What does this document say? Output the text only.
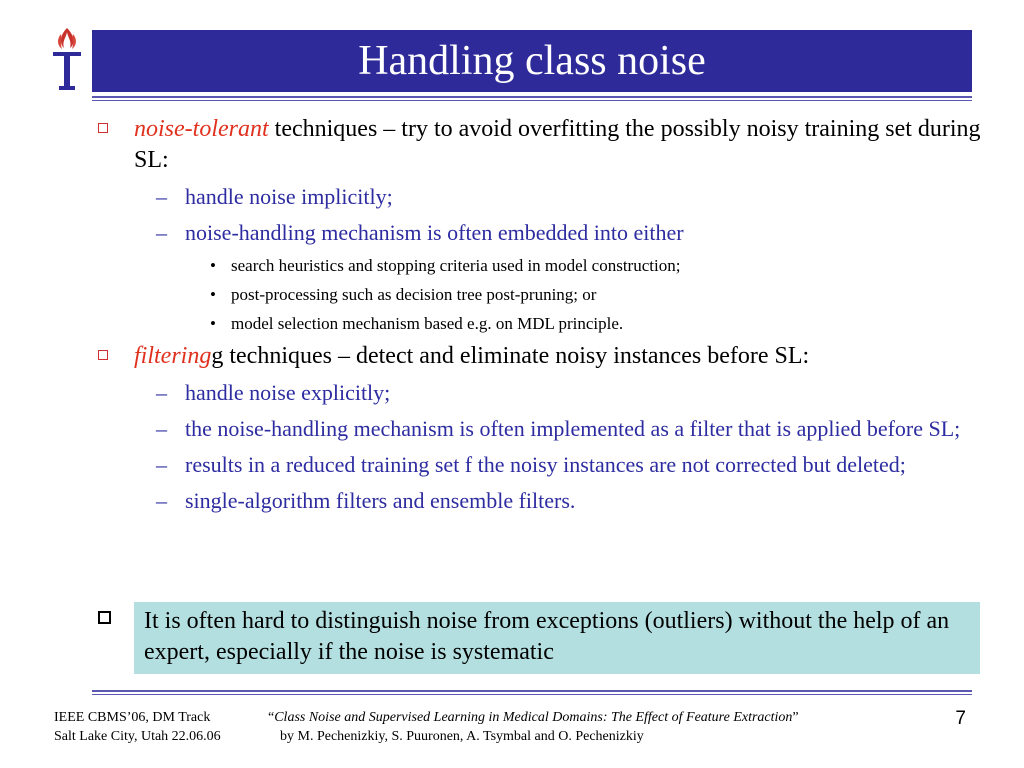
Handling class noise
noise-tolerant techniques – try to avoid overfitting the possibly noisy training set during SL:
– handle noise implicitly;
– noise-handling mechanism is often embedded into either
• search heuristics and stopping criteria used in model construction;
• post-processing such as decision tree post-pruning; or
• model selection mechanism based e.g. on MDL principle.
filteringg techniques – detect and eliminate noisy instances before SL:
– handle noise explicitly;
– the noise-handling mechanism is often implemented as a filter that is applied before SL;
– results in a reduced training set f the noisy instances are not corrected but deleted;
– single-algorithm filters and ensemble filters.
It is often hard to distinguish noise from exceptions (outliers) without the help of an expert, especially if the noise is systematic
IEEE CBMS’06, DM Track
Salt Lake City, Utah 22.06.06
“Class Noise and Supervised Learning in Medical Domains: The Effect of Feature Extraction”
by M. Pechenizkiy, S. Puuronen, A. Tsymbal and O. Pechenizkiy
7
